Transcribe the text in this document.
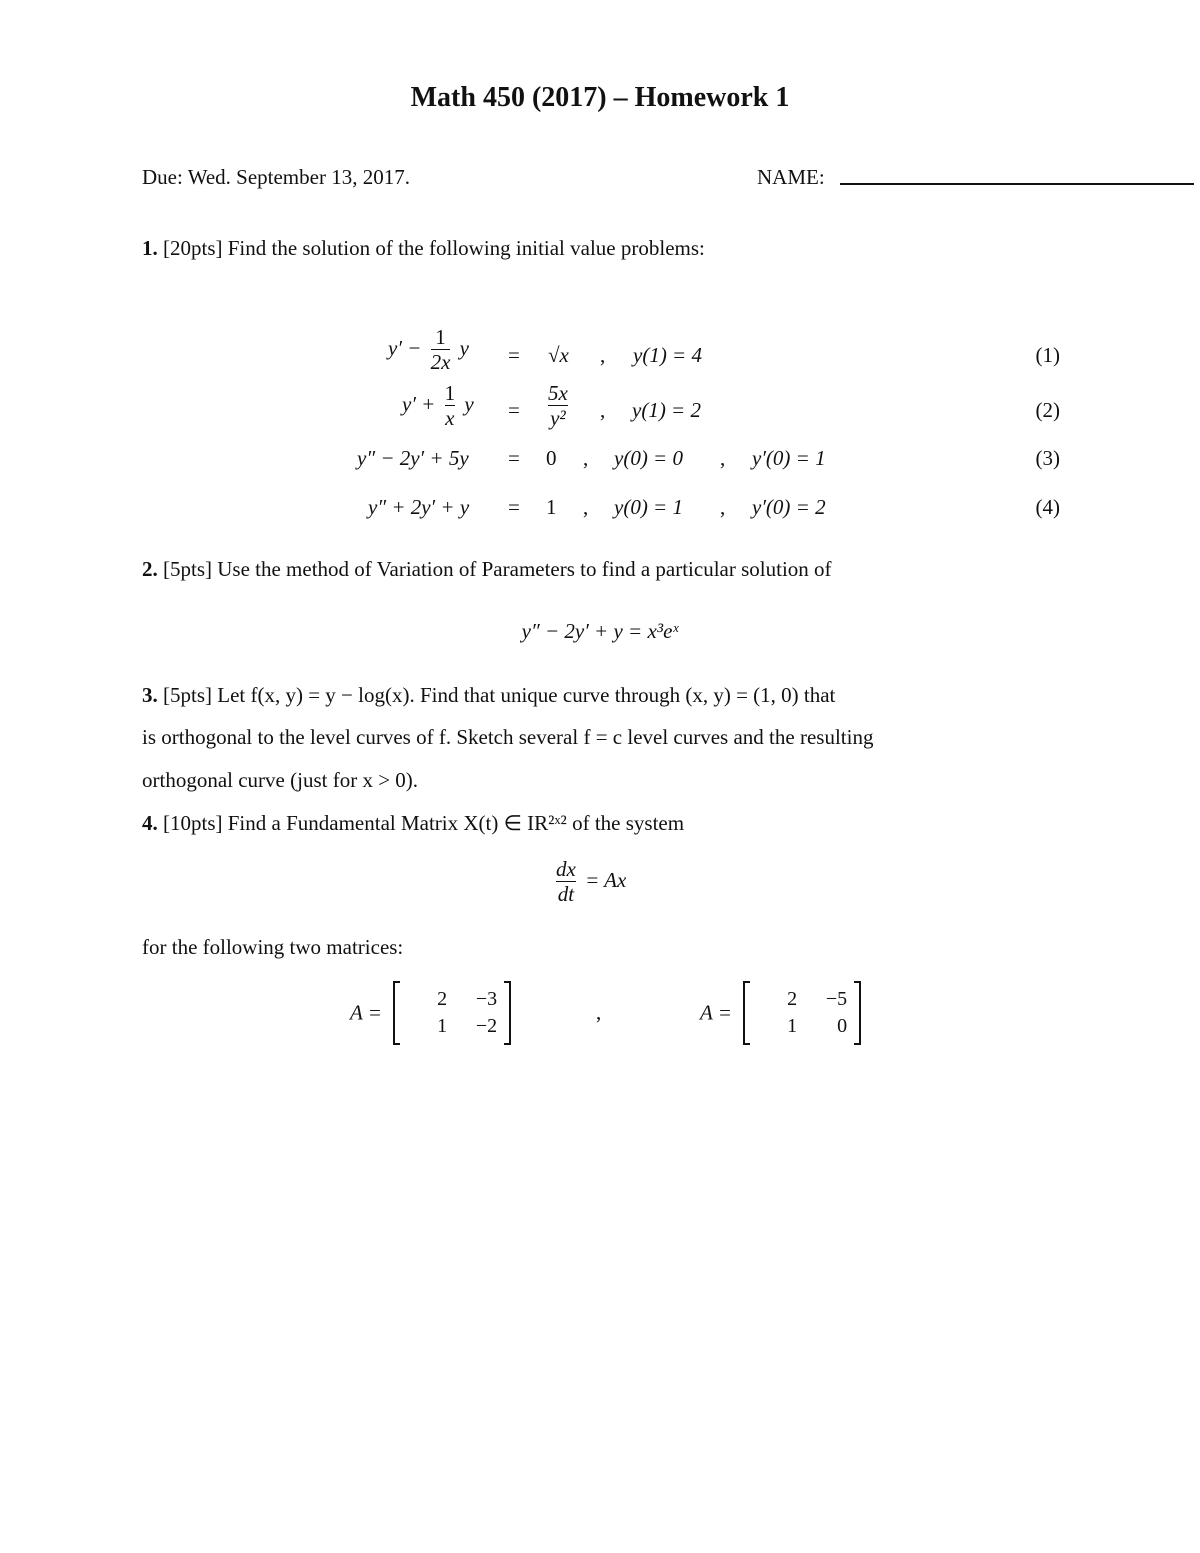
Math 450 (2017) – Homework 1
Due: Wed. September 13, 2017.	NAME:
1. [20pts] Find the solution of the following initial value problems:
$y' - \frac{1}{2x}$ y = √x , y(1) = 4	(1)
$y' + \frac{1}{x}$ $y = \frac{5x}{\text{y²}}$ , y(1) = 2	(2)
y″ − 2y′ + 5y = 0 , y(0) = 0 , y′(0) = 1	(3)
y″ + 2y′ + y = 1 , y(0) = 1 , y′(0) = 2	(4)
2. [5pts] Use the method of Variation of Parameters to find a particular solution of
y″ − 2y′ + y = x³eˣ
3. [5pts] Let f(x, y) = y − log(x). Find that unique curve through (x, y) = (1, 0) that
is orthogonal to the level curves of f. Sketch several f = c level curves and the resulting
orthogonal curve (just for x > 0).
4. [10pts] Find a Fundamental Matrix X(t) ∈ IR²ˣ² of the system
$\frac{dx}{dt} = Ax$
for the following two matrices:
A =
2	−3
1	−2
,	A =
2	−5
1	0
